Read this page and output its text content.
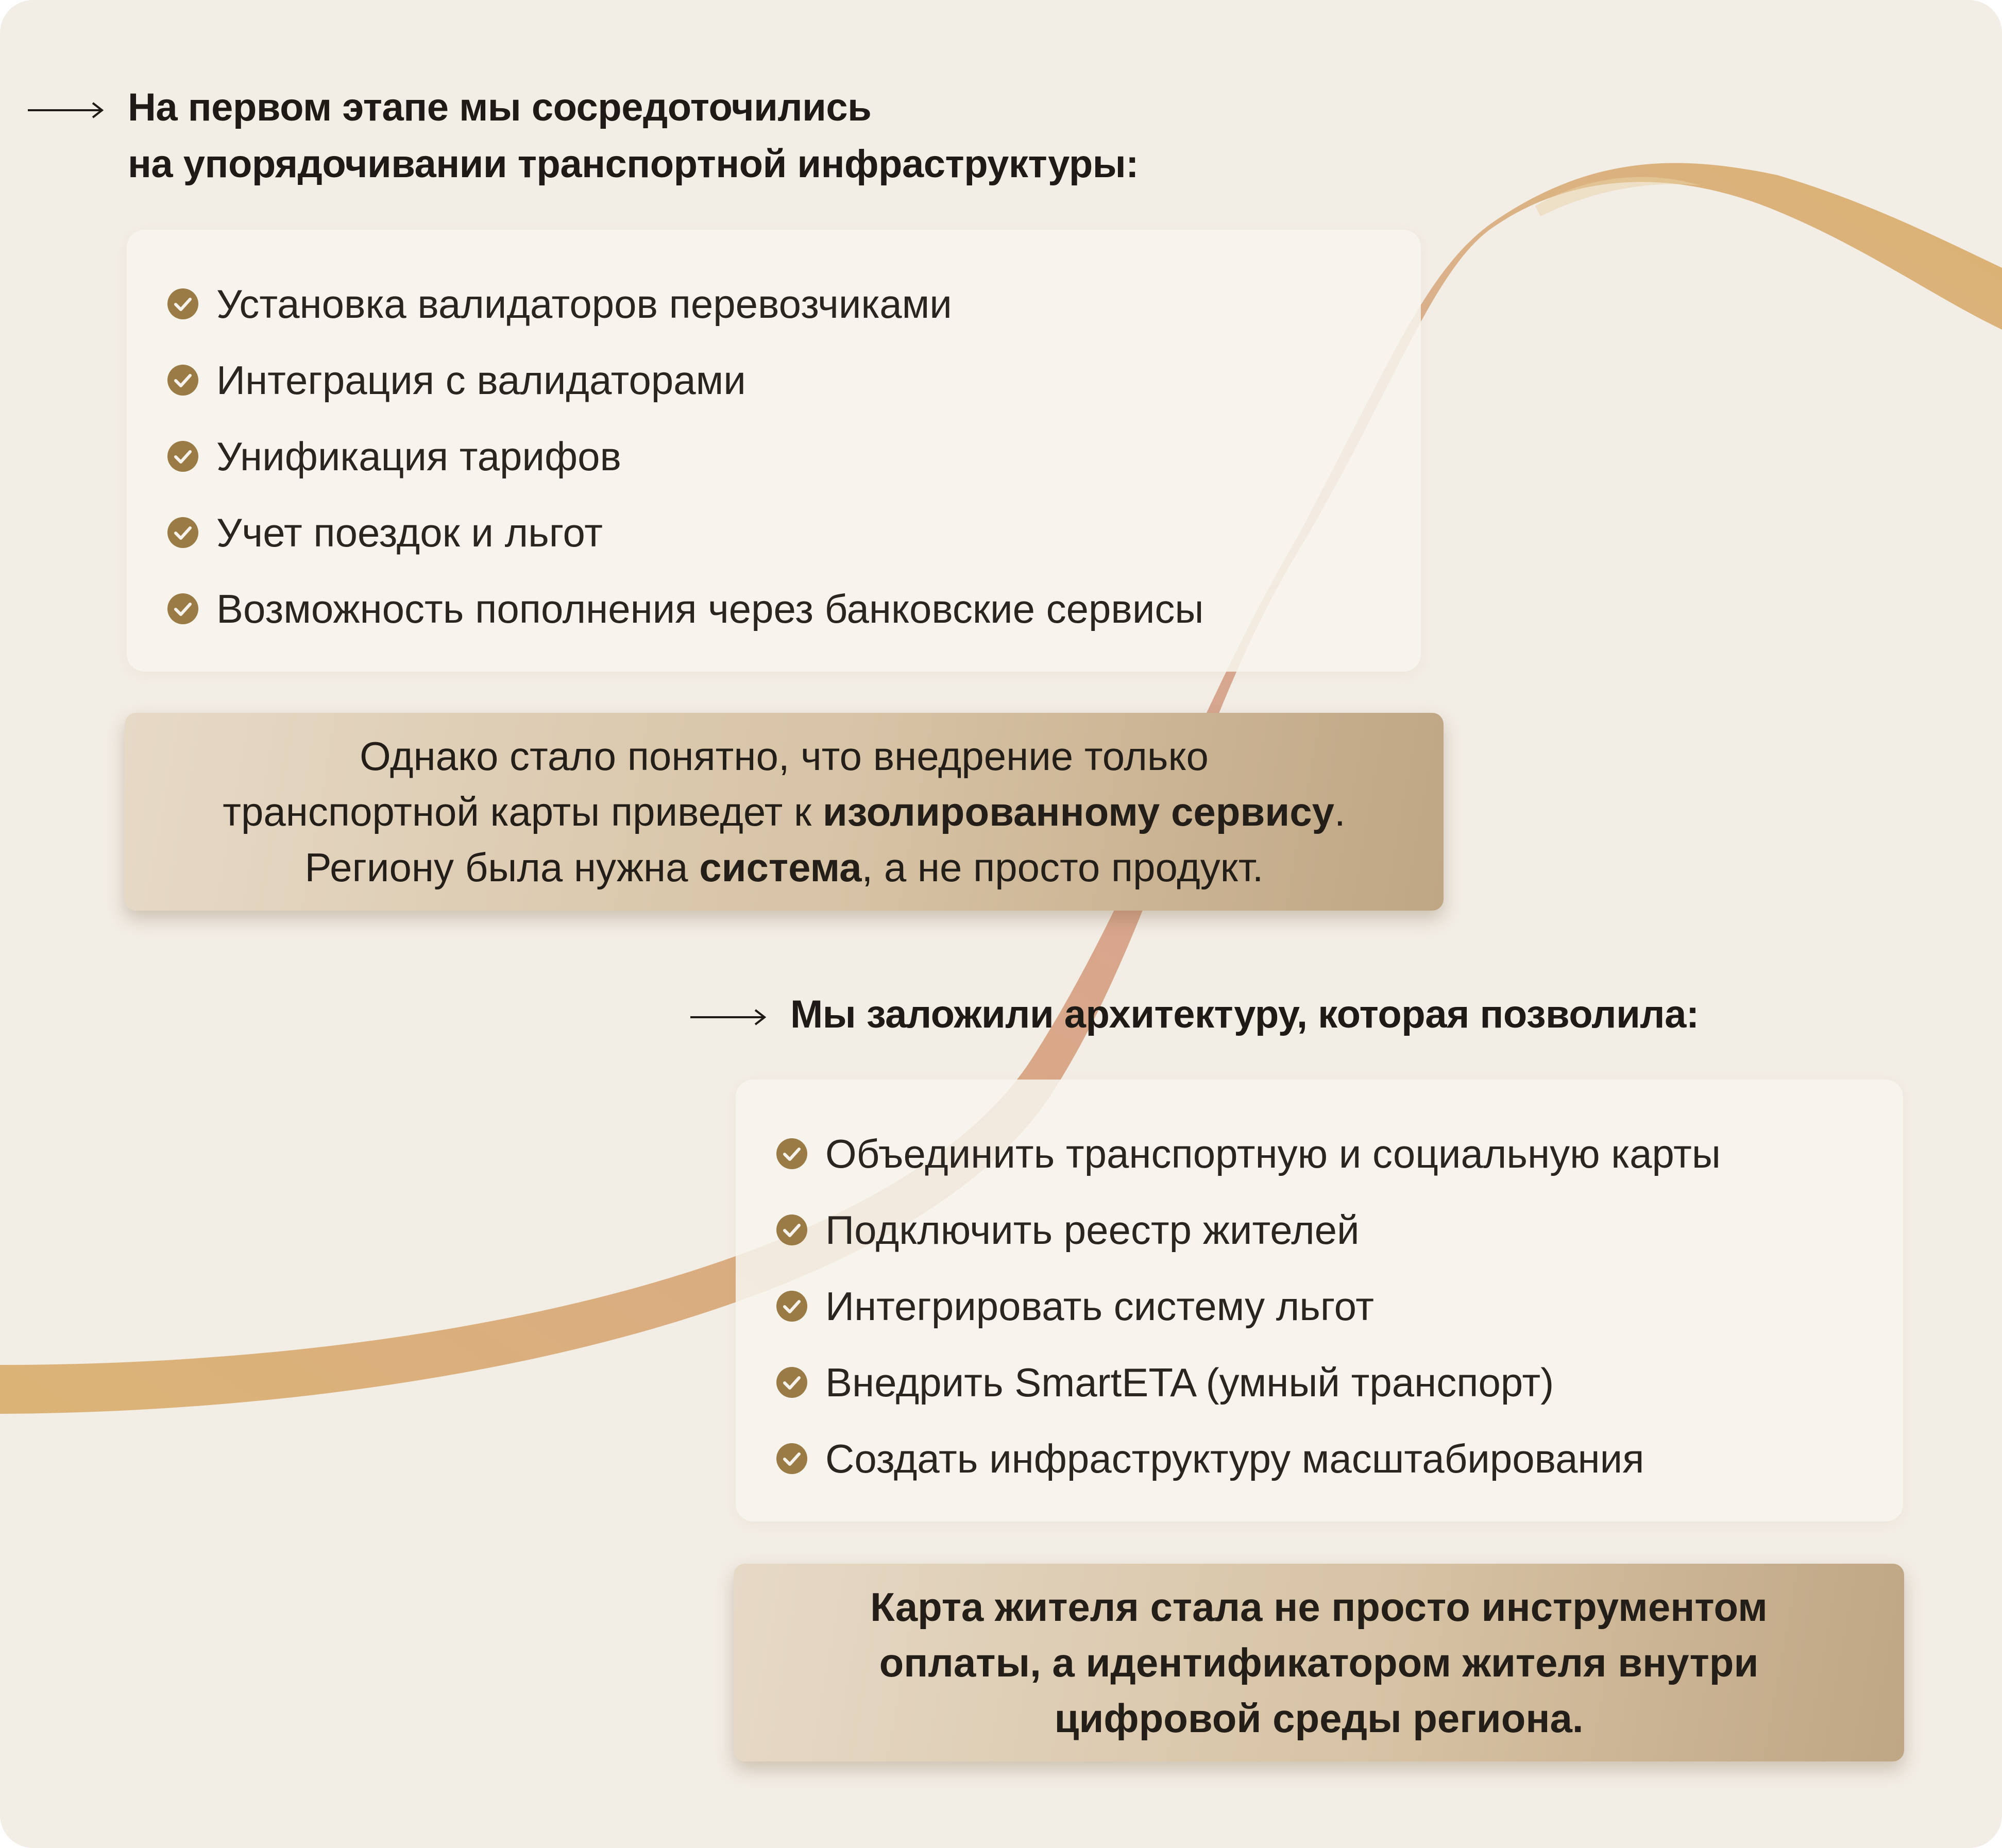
На первом этапе мы сосредоточились
на упорядочивании транспортной инфраструктуры:
Установка валидаторов перевозчиками
Интеграция с валидаторами
Унификация тарифов
Учет поездок и льгот
Возможность пополнения через банковские сервисы
Однако стало понятно, что внедрение только
транспортной карты приведет к изолированному сервису.
Региону была нужна система, а не просто продукт.
Мы заложили архитектуру, которая позволила:
Объединить транспортную и социальную карты
Подключить реестр жителей
Интегрировать систему льгот
Внедрить SmartETA (умный транспорт)
Создать инфраструктуру масштабирования
Карта жителя стала не просто инструментом
оплаты, а идентификатором жителя внутри
цифровой среды региона.
